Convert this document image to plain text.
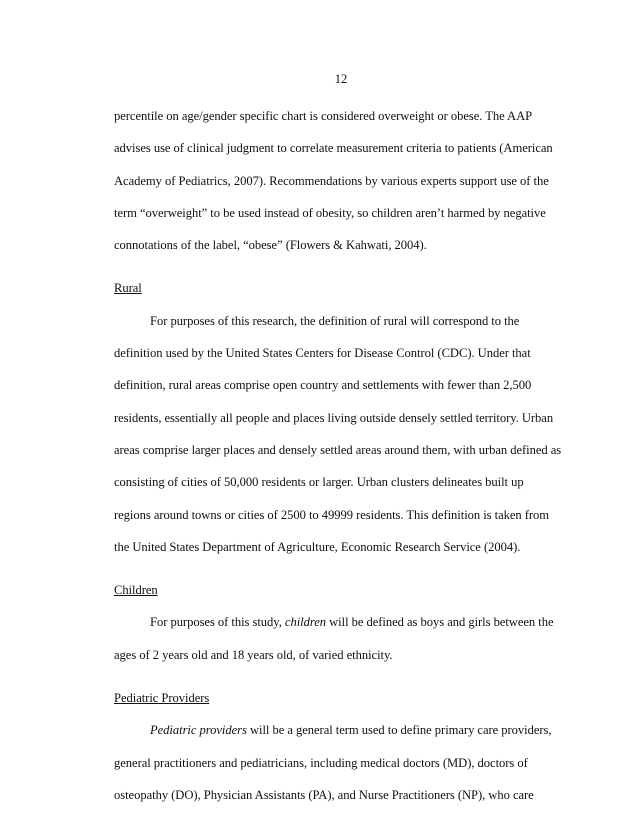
12
percentile on age/gender specific chart is considered overweight or obese. The AAP
advises use of clinical judgment to correlate measurement criteria to patients (American
Academy of Pediatrics, 2007). Recommendations by various experts support use of the
term “overweight” to be used instead of obesity, so children aren’t harmed by negative
connotations of the label, “obese” (Flowers & Kahwati, 2004).
Rural
For purposes of this research, the definition of rural will correspond to the
definition used by the United States Centers for Disease Control (CDC). Under that
definition, rural areas comprise open country and settlements with fewer than 2,500
residents, essentially all people and places living outside densely settled territory. Urban
areas comprise larger places and densely settled areas around them, with urban defined as
consisting of cities of 50,000 residents or larger. Urban clusters delineates built up
regions around towns or cities of 2500 to 49999 residents. This definition is taken from
the United States Department of Agriculture, Economic Research Service (2004).
Children
For purposes of this study, children will be defined as boys and girls between the
ages of 2 years old and 18 years old, of varied ethnicity.
Pediatric Providers
Pediatric providers will be a general term used to define primary care providers,
general practitioners and pediatricians, including medical doctors (MD), doctors of
osteopathy (DO), Physician Assistants (PA), and Nurse Practitioners (NP), who care
